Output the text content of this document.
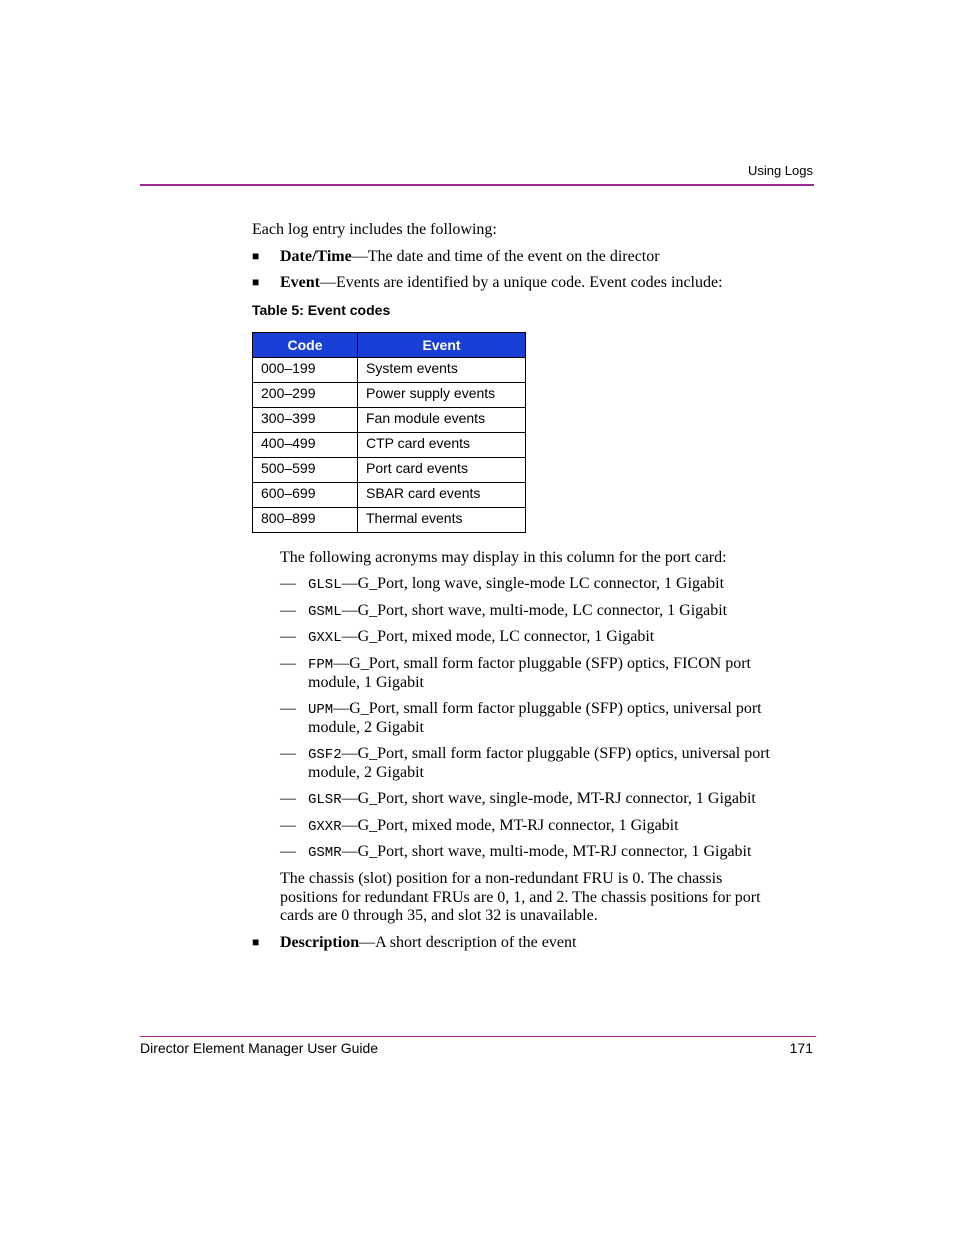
Using Logs
Each log entry includes the following:
■ Date/Time—The date and time of the event on the director
■ Event—Events are identified by a unique code. Event codes include:
Table 5: Event codes
Code	Event
000–199	System events
200–299	Power supply events
300–399	Fan module events
400–499	CTP card events
500–599	Port card events
600–699	SBAR card events
800–899	Thermal events
The following acronyms may display in this column for the port card:
— GLSL—G_Port, long wave, single-mode LC connector, 1 Gigabit
— GSML—G_Port, short wave, multi-mode, LC connector, 1 Gigabit
— GXXL—G_Port, mixed mode, LC connector, 1 Gigabit
— FPM—G_Port, small form factor pluggable (SFP) optics, FICON port
module, 1 Gigabit
— UPM—G_Port, small form factor pluggable (SFP) optics, universal port
module, 2 Gigabit
— GSF2—G_Port, small form factor pluggable (SFP) optics, universal port
module, 2 Gigabit
— GLSR—G_Port, short wave, single-mode, MT-RJ connector, 1 Gigabit
— GXXR—G_Port, mixed mode, MT-RJ connector, 1 Gigabit
— GSMR—G_Port, short wave, multi-mode, MT-RJ connector, 1 Gigabit
The chassis (slot) position for a non-redundant FRU is 0. The chassis
positions for redundant FRUs are 0, 1, and 2. The chassis positions for port
cards are 0 through 35, and slot 32 is unavailable.
■ Description—A short description of the event
Director Element Manager User Guide	171
